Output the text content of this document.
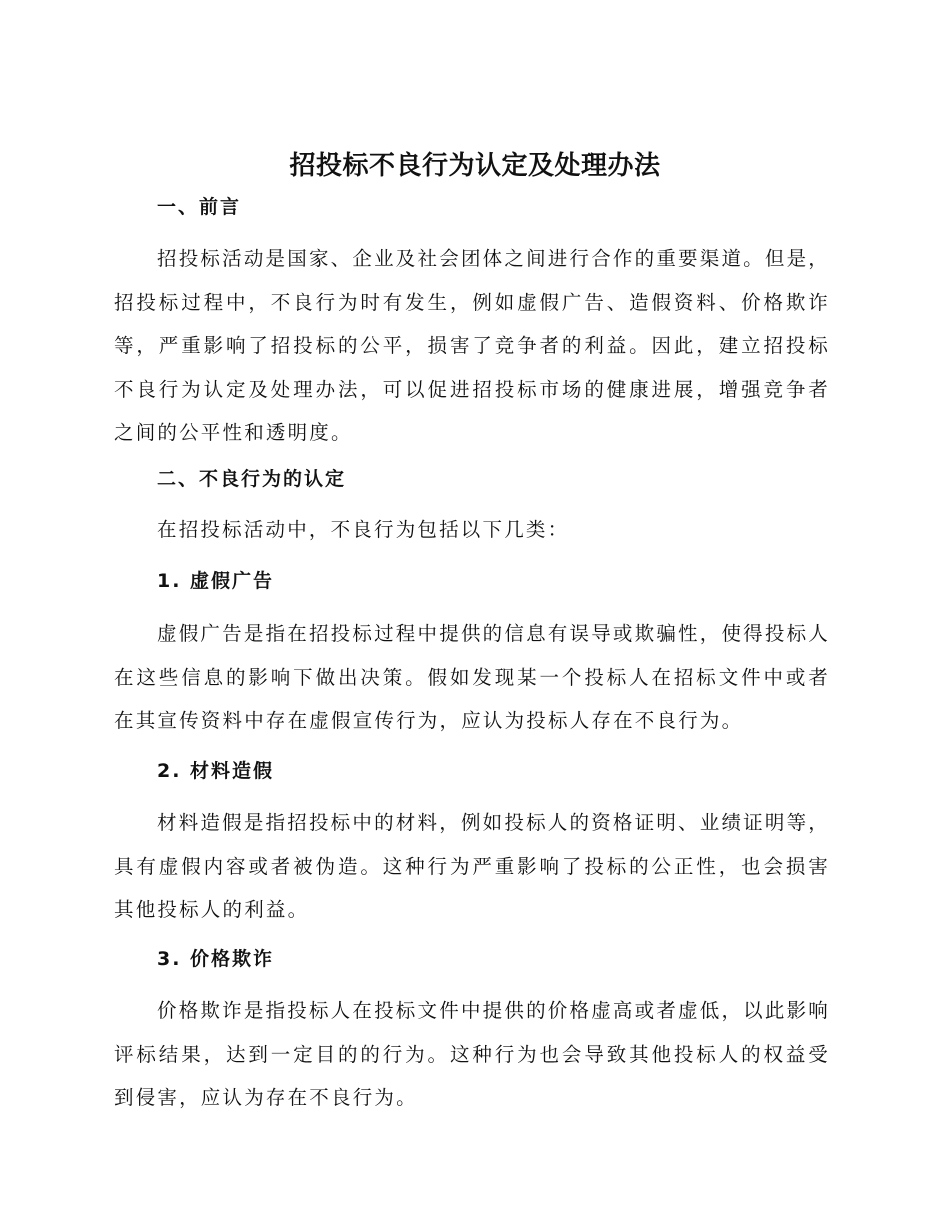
招投标不良行为认定及处理办法
一、前言
招投标活动是国家、企业及社会团体之间进行合作的重要渠道。但是，招投标过程中，不良行为时有发生，例如虚假广告、造假资料、价格欺诈等，严重影响了招投标的公平，损害了竞争者的利益。因此，建立招投标不良行为认定及处理办法，可以促进招投标市场的健康进展，增强竞争者之间的公平性和透明度。
二、不良行为的认定
在招投标活动中，不良行为包括以下几类：
1. 虚假广告
虚假广告是指在招投标过程中提供的信息有误导或欺骗性，使得投标人在这些信息的影响下做出决策。假如发现某一个投标人在招标文件中或者在其宣传资料中存在虚假宣传行为，应认为投标人存在不良行为。
2. 材料造假
材料造假是指招投标中的材料，例如投标人的资格证明、业绩证明等，具有虚假内容或者被伪造。这种行为严重影响了投标的公正性，也会损害其他投标人的利益。
3. 价格欺诈
价格欺诈是指投标人在投标文件中提供的价格虚高或者虚低，以此影响评标结果，达到一定目的的行为。这种行为也会导致其他投标人的权益受到侵害，应认为存在不良行为。
